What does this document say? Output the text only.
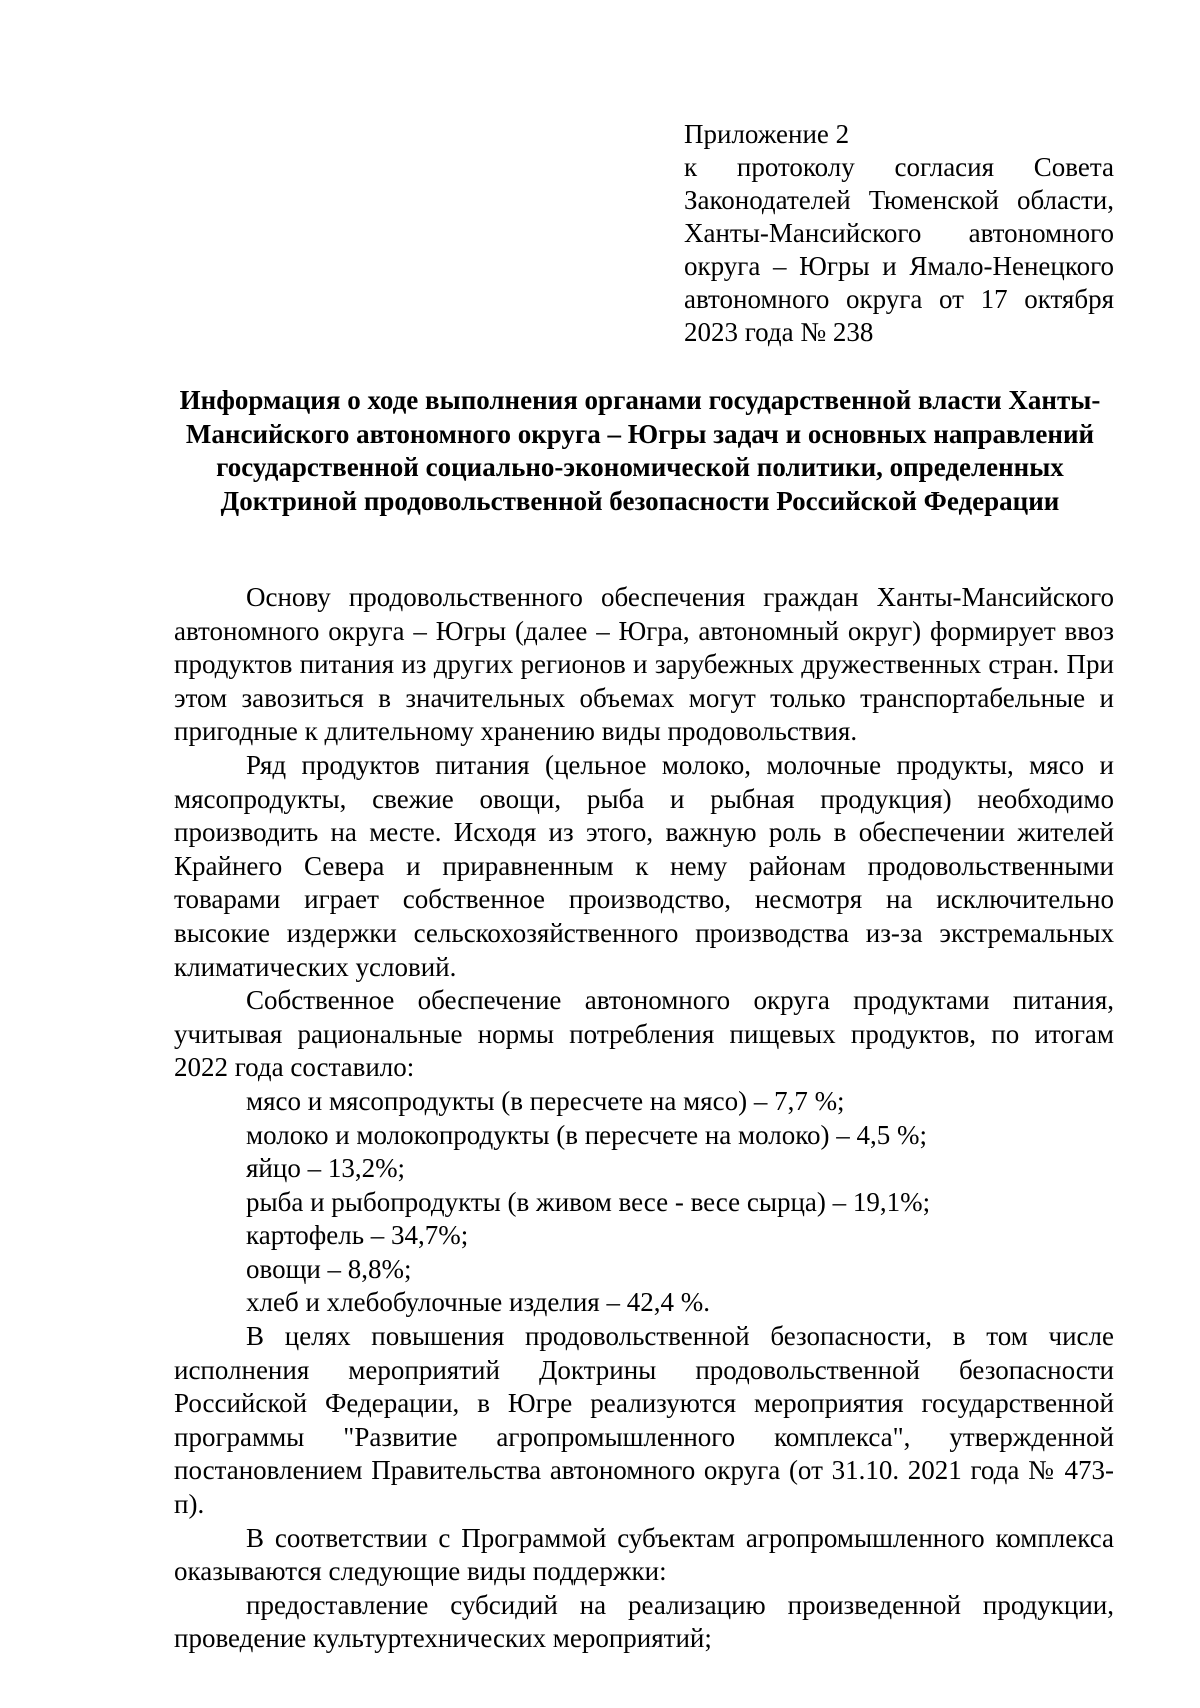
Приложение 2
к протоколу согласия Совета Законодателей Тюменской области, Ханты-Мансийского автономного округа – Югры и Ямало-Ненецкого автономного округа от 17 октября 2023 года № 238
Информация о ходе выполнения органами государственной власти Ханты-Мансийского автономного округа – Югры задач и основных направлений государственной социально-экономической политики, определенных Доктриной продовольственной безопасности Российской Федерации

Основу продовольственного обеспечения граждан Ханты-Мансийского автономного округа – Югры (далее – Югра, автономный округ) формирует ввоз продуктов питания из других регионов и зарубежных дружественных стран. При этом завозиться в значительных объемах могут только транспортабельные и пригодные к длительному хранению виды продовольствия.

Ряд продуктов питания (цельное молоко, молочные продукты, мясо и мясопродукты, свежие овощи, рыба и рыбная продукция) необходимо производить на месте. Исходя из этого, важную роль в обеспечении жителей Крайнего Севера и приравненным к нему районам продовольственными товарами играет собственное производство, несмотря на исключительно высокие издержки сельскохозяйственного производства из-за экстремальных климатических условий.

Собственное обеспечение автономного округа продуктами питания, учитывая рациональные нормы потребления пищевых продуктов, по итогам 2022 года составило:

мясо и мясопродукты (в пересчете на мясо) – 7,7 %;
молоко и молокопродукты (в пересчете на молоко) – 4,5 %;
яйцо – 13,2%;
рыба и рыбопродукты (в живом весе - весе сырца) – 19,1%;
картофель – 34,7%;
овощи – 8,8%;
хлеб и хлебобулочные изделия – 42,4 %.

В целях повышения продовольственной безопасности, в том числе исполнения мероприятий Доктрины продовольственной безопасности Российской Федерации, в Югре реализуются мероприятия государственной программы "Развитие агропромышленного комплекса", утвержденной постановлением Правительства автономного округа (от 31.10. 2021 года № 473-п).

В соответствии с Программой субъектам агропромышленного комплекса оказываются следующие виды поддержки:

предоставление субсидий на реализацию произведенной продукции, проведение культуртехнических мероприятий;
